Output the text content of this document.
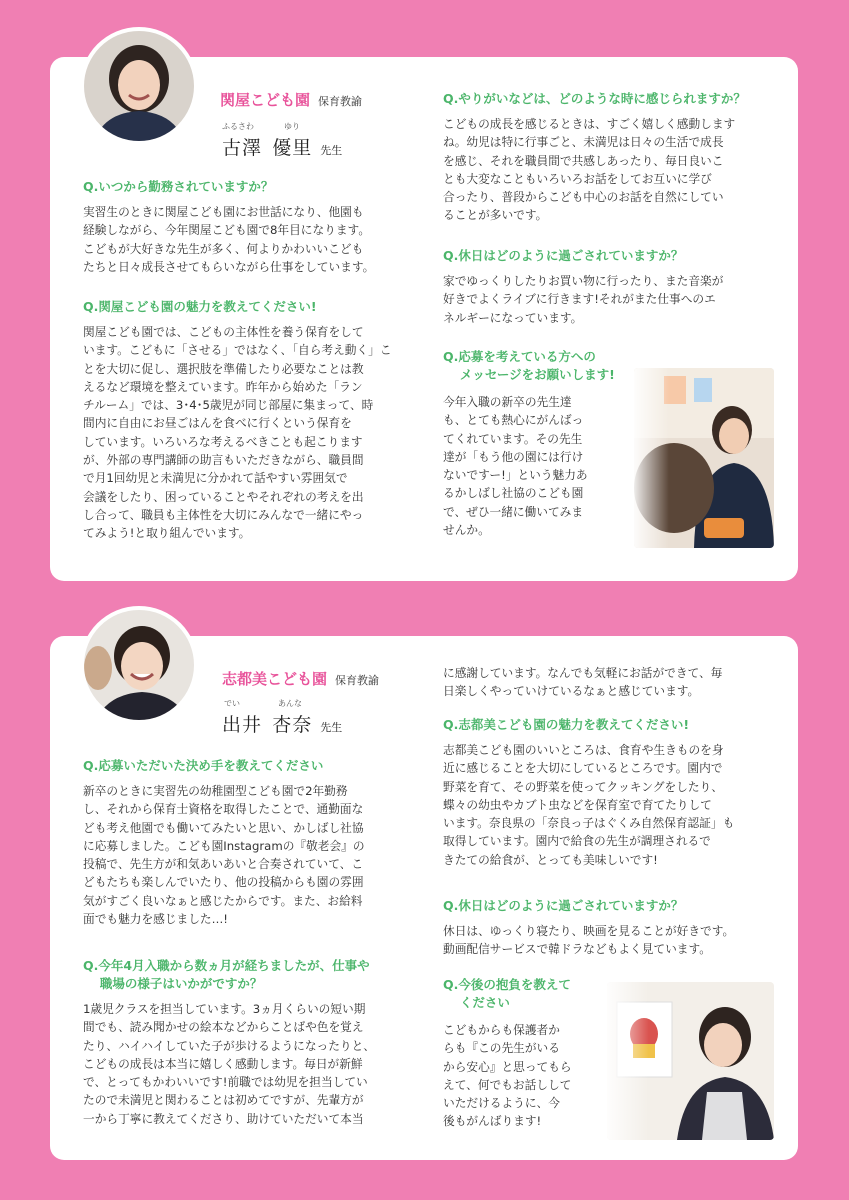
関屋こども園 保育教諭
ふるさわ	ゆり
古澤 優里 先生
Q.いつから勤務されていますか？
実習生のときに関屋こども園にお世話になり、他園も
経験しながら、今年関屋こども園で8年目になります。
こどもが大好きな先生が多く、何よりかわいいこども
たちと日々成長させてもらいながら仕事をしています。
Q.関屋こども園の魅力を教えてください!
関屋こども園では、こどもの主体性を養う保育をして
います。こどもに「させる」ではなく、「自ら考え動く」こ
とを大切に促し、選択肢を準備したり必要なことは教
えるなど環境を整えています。昨年から始めた「ラン
チルーム」では、3･4･5歳児が同じ部屋に集まって、時
間内に自由にお昼ごはんを食べに行くという保育を
しています。いろいろな考えるべきことも起こります
が、外部の専門講師の助言もいただきながら、職員間
で月1回幼児と未満児に分かれて話やすい雰囲気で
会議をしたり、困っていることやそれぞれの考えを出
し合って、職員も主体性を大切にみんなで一緒にやっ
てみよう!と取り組んでいます。
Q.やりがいなどは、どのような時に感じられますか？
こどもの成長を感じるときは、すごく嬉しく感動します
ね。幼児は特に行事ごと、未満児は日々の生活で成長
を感じ、それを職員間で共感しあったり、毎日良いこ
とも大変なこともいろいろお話をしてお互いに学び
合ったり、普段からこども中心のお話を自然にしてい
ることが多いです。
Q.休日はどのように過ごされていますか？
家でゆっくりしたりお買い物に行ったり、また音楽が
好きでよくライブに行きます!それがまた仕事へのエ
ネルギーになっています。
Q.応募を考えている方への
　 メッセージをお願いします!
今年入職の新卒の先生達
も、とても熱心にがんばっ
てくれています。その先生
達が「もう他の園には行け
ないですー!」という魅力あ
るかしばし社協のこども園
で、ぜひ一緒に働いてみま
せんか。
志都美こども園 保育教諭
でい	あんな
出井 杏奈 先生
Q.応募いただいた決め手を教えてください
新卒のときに実習先の幼稚園型こども園で2年勤務
し、それから保育士資格を取得したことで、通勤面な
ども考え他園でも働いてみたいと思い、かしばし社協
に応募しました。こども園Instagramの『敬老会』の
投稿で、先生方が和気あいあいと合奏されていて、こ
どもたちも楽しんでいたり、他の投稿からも園の雰囲
気がすごく良いなぁと感じたからです。また、お給料
面でも魅力を感じました…!
Q.今年4月入職から数ヵ月が経ちましたが、仕事や
　 職場の様子はいかがですか？
1歳児クラスを担当しています。3ヵ月くらいの短い期
間でも、読み聞かせの絵本などからことばや色を覚え
たり、ハイハイしていた子が歩けるようになったりと、
こどもの成長は本当に嬉しく感動します。毎日が新鮮
で、とってもかわいいです!前職では幼児を担当してい
たので未満児と関わることは初めてですが、先輩方が
一から丁寧に教えてくださり、助けていただいて本当
に感謝しています。なんでも気軽にお話ができて、毎
日楽しくやっていけているなぁと感じています。
Q.志都美こども園の魅力を教えてください!
志都美こども園のいいところは、食育や生きものを身
近に感じることを大切にしているところです。園内で
野菜を育て、その野菜を使ってクッキングをしたり、
蝶々の幼虫やカブト虫などを保育室で育てたりして
います。奈良県の「奈良っ子はぐくみ自然保育認証」も
取得しています。園内で給食の先生が調理されるで
きたての給食が、とっても美味しいです!
Q.休日はどのように過ごされていますか？
休日は、ゆっくり寝たり、映画を見ることが好きです。
動画配信サービスで韓ドラなどもよく見ています。
Q.今後の抱負を教えて
　 ください
こどもからも保護者か
らも『この先生がいる
から安心』と思ってもら
えて、何でもお話しして
いただけるように、今
後もがんばります!
